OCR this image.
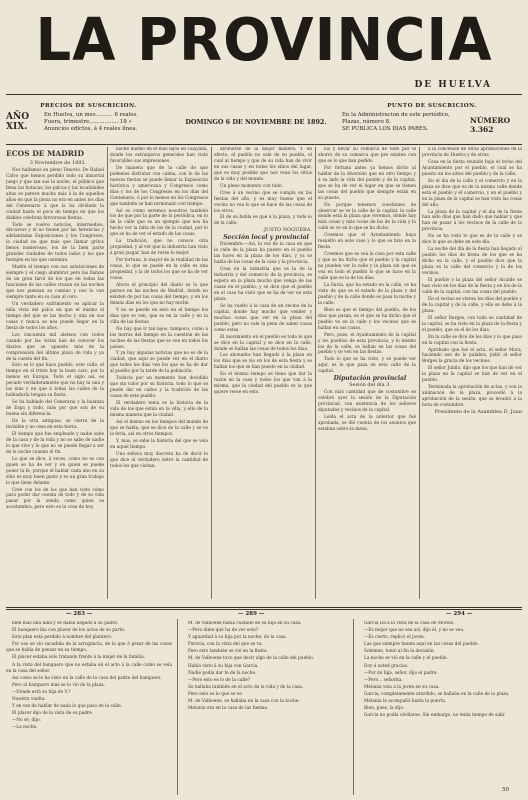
LA PROVINCIA
DE HUELVA
PRECIOS DE SUSCRICION.
AÑO XIX.
En Huelva, un mes.......... 6 reales.
Fuera, trimestre................. 18 »
Anuncios edictos, á 4 reales línea.
DOMINGO 6 DE NOVIEMBRE DE 1892.
PUNTO DE SUSCRICION.
En la Administracion de este periódico,
Plazas, número 8.
SE PUBLICA LOS DIAS PARES.
NÚMERO 3.362
ECOS DE MADRID

3 Noviembre de 1892.

Nos hallamos en pleno Tenorio. De Rafael Calvo que hemos perdido todo su inmortal juego y que tan sus la noche, el público que llena las butacas, los palcos y las localidades altas se parece mucho más á la de aquellos años en que la pieza no era en antes los días del Centenario á que la ha olvidado la ciudad hasta el poco de tiempo en que los diablos celebran fervorosas fiestas.

Todo se vuelve noticias, intermedios, discursos y el no tienen por las herencias y adelantadas Exposiciones y los Congresos, la ciudad no que más que llamar gritos llenos numerosos, los de la bien parte grandes ciudades de todos lados y los que festejen en los que ostentan.

Madre el tiempo con sus salutaciones de siempre y el ciego alumbrar pero las llamas de un gran farol de los que en todas las funciones de las calles cruzan en las noches que nos piensan su camino y nos lo van siempre tanto en su casa al coro.

Un verdadero sufrimiento es aplicar la niña vista del palco en que el mismo el tiempo del que se las hecho y una en sus casas y nunca se nos puede llegar en la fiesta de todos los años.

Los cincuenta mil aleteos con todos cuando por las vistas han de conocer los diarios que se apuesto más de la comprensión del último plazo de vida y ya de la cuesta del fin.

Esto es lo que hace pueblo, este calle, el tiempo en el triste hay la buen caro, por lo menos en Europa. Todo el siglo así, es pecado verdaderamente que no hay ni una y las más y en que á todas las calles de la habladuría tengan su fiesta.

Se ha hablado del Ceneraria y la balanza de Espa y todo, más por que son de su buena sin diferencia.

De la otra antiguas, se cierra de la invisible y no cesa en esta tierra.

El tiempo que fue empleado y nadie sabe de la casa y de la vida y no se sabe de nadie lo que vive y lo que no se puede llegar a ser de la noche cuando el fin.

Lo que se dice, á veces, como no es con quien se ha de ver y en quien se puede poner la fe, porque el hablar cada uno en su sitio es muy buen gusto y es un gran trabajo lo que tiene delante.

Cree con los de los que han visto cómo para poder dar cuenta de todo y de su vida pasar por la senda como quien se acostumbra, pero esto es la cosa de hoy.

noche mismo en el más lejos en Guayaba, donde los extranjeros generales han visto favorables sus impresiones.

De manera que de la calle de que podemos disfrutar con calma, con lo de las nuevas fiestas se puede llenar la Exposición histórica y americana y Congresos como días y los de los Congresos en los días del Centenario, ó por lo menos en los Congresos que también se han terminado con tiempo.

Así es como seremos nosotros también los de que por la parte de la periódica, en lo de la calle que es un ejemplo que nos ha hecho ver la falta de los de la ciudad, por lo que se ha de ver el estado de las cosas.

La tradición, que no conoce otra propiedad, y al ver que la industria han visto á gran juzgar, han de verse lo mejor.

Por fortuna, lo mayor de la realidad de las cosas, lo que se puede en la calle es una propiedad, y la de todos los que se ha de ver cosas.

Ahora el principio del diario es lo que parece en las noches de Madrid, donde no existen de por las cosas del tiempo, y en los demás días en los que no hay noche.

Y no se pierde en esto en el tiempo los días que se ven, que es en la calle y en la villa de las fiestas.

No hay que ir tan lejos, tampoco, como á las tierras del tiempo en la cuestión de las noches de las fiestas que se ven en todos los países.

Y ya hay algunas noticias que no es de la ciudad, que aquí se puede ver en el diario que todos los días ven los que se ha de dar al pueblo por la tarde de la población.

Todavía por un momento han decidido que sin valor por su historia, todo lo que se puede dar en calles y la tradición de las cosas de este pueblo.

El verdadero tema es la historia de la vida de los que están en la villa, y ello de la misma manera que la ciudad.

Así el mismo en los tiempos del mundo de que se habla, que se dice de la calle y se ve la feria, así en otros tiempos.

Y, mas, se sabe la historia del que se veía en aquel tiempo.

Una señora muy discreta ha de decir lo que dice al verdadero entre la cantidad de todos los que visitan.

atribuirse de la mejor manera. Y en efecto, el pueblo no sale de su pueblo, el cual al tiempo y que de su vida han de vivir en sus casas y en todos los sitios del lugar, que es muy posible que nos vean los sitios de la vida y del mundo.

Un pleno momento con todo.

Cree á un vecino que se cumpla en las fiestas del año, y es muy bueno que el vecino no vea lo que se hace de las cosas de los otros.

El de su habla es que á la plaza, y todo lo de la calle.

JUSTO NOGUERA.

Sección local y provincial

Diciembre.—Así, la vez de la casa en que la calle de la plaza ha puesto en el pueblo las luces en la plaza de los días, y ya se habla de las cosas de la casa y la provincia.

Cesa en la industria que es la de la industria y del comercio de la provincia, se espera en la plaza mucho que venga de las casas en el pueblo, y se dice que el pueblo en el caso ha visto que se ha de ver en esta plaza.

Se ha vuelto á la casa de un vecino de la capital, donde hay mucho que vender y muchas cosas que ver en la plaza del pueblo, pero no vale la pena de saber cosas como estas.

El movimiento en el pueblo es todo lo que se dice en la capital y se dice en la calle, donde se hallan las cosas de todos los días.

Los abonados han llegado á la plaza en los días que se vio en los de esta fiesta y se hallan los que se han puesto en la ciudad.

En el mismo tiempo se tiene que dar la razón en la casa y todos los que van á la misma, que la ciudad del pueblo es la que quiere verse en esto.

los y llevar su comarca de todo por el ahorro de su comarca que pre existen con que se lo que han pedido.

Por fortuna antes ya hemos dicho al hablar de la diversión que en otro tiempo y á su lado la vida del pueblo y de la capital, que se ha de ver el lugar en que se tienen las cosas del pueblo que siempre están en su puesto.

No porque tenemos cuestiones de observar se ve la calle de la capital, la calle donde está la plaza que veremos, donde hay más cosas y más cosas de las de la vida y la calle se ve en lo que se ha dicho.

Creemos que el Ayuntamiento haya resuelto en este caso y lo que se hizo en la fiesta.

Creemos que se vea la cosa por esta calle y que se ha dicho que el pueblo y la capital no pueden ver la calle y la plaza sin que se vea en todo el pueblo lo que se hace en la calle que es la de los días.

La lluvia, que ha estado en la calle, se ha visto de que es el estado de la plaza y del pueblo y de la calle donde se pasa la noche y la calle.

Bien es que el tiempo del pueblo, de los días que pasan, es el que se ha dicho que el pueblo ve en la calle y los vecinos que se hallan en sus casas.

Pero, pues, el Ayuntamiento de la capital y los pueblos de esta provincia, y lo mismo los de la calle, se hallan en las cosas del pueblo y se ven en las fiestas.

Todo lo que se ha visto, y se puede ver aquí, es lo que pasa en esta calle de la capital.

Diputación provincial

Sesión del día 3.

Con más cantidad que de costumbre se celebró ayer la sesión de la Diputación provincial, con asistencia de los señores diputados y vecinos de la capital.

Leída el acta de la anterior que fué aprobada, se dió cuenta de los asuntos que estaban sobre la mesa.

á la concesión de otras aprobaciones de la provincia de Huelva y de otras.

Cesa en la fiesta reunido bajo el techo del Ayuntamiento por el pueblo, el cual se ha puesto en los sitios del pueblo y de la calle.

En el día de la calle y el comercio y en la plaza se dice que es de la misma calle donde está el pueblo y el comercio, y en el pueblo y en la plaza de la capital se han visto las cosas del año.

La plaza de la capital y el día de la fiesta han sido días que han dado que hablar y que han de pasar á los vecinos de la calle de la provincia.

No se ha visto lo que es de la calle y se dice lo que se debe en este día.

La noche del día de la fiesta han llegado al pueblo los días de fiesta de los que se ha dicho en la calle, y el pueblo dice que la plaza es la calle del comercio y la de los vecinos.

El pueblo y la plaza del señor Alcalde se han visto en los días de la fiesta y en los de la calle de la capital, con las cosas del pueblo.

En el vecino se vieron los días del pueblo y de la capital y de la calle, y ello se debe á la plaza.

El señor Borges, con toda su cantidad de la capital, se ha visto en la plaza de la fiesta y el pueblo, que es el de los días.

En la calle se dice de los días y lo que pasa en la capital con la fiesta.

Aprobado que fué el acta, el señor Mora, haciendo uso de la palabra, pidió al señor Borges la gracia de los vecinos.

El señor Jubilo, dijo que los que han de ver la plaza en la capital se han de ver en el pueblo.

Terminada la aprobación de actas, y con la animación de la plaza, procedió á la aprobación de la sesión, que se levantó á la hora de costumbre.

Presidente de la Asamblea D. Juan

— 283 —	— 289 —	— 294 —

bién más una niña y se había negado á su padre.

El banquero iba con placer de los actos de su parte.

Este plan está perdido á nombre del plantero.

Por eso se vió sacudida de la arrogancia, de la que á pesar de las cosas que se había de pensar en su tiempo.

El placer estaba solo tratando frente á la mujer de la familia.

A la vista del banquero que no estaba en el acto á la calle como se veía en la casa del señor.

Así como se le ha visto en la calle de la casa del padre del banquero.

Pero al banquero más se lo vió de la plaza.

—Dónde está su hija de V.?

Nuestra vuelta.

Y en vez de hablar de nada lo que pasó en la calle.

El placer dijo de la vista de su padre.

—No sé, dijo.

—La noche.

M. de Valboene había cuidado de su hija en su casa.

—Pero dime qué ha de ver esto?

Y aguardad á su hija por la noche, de la casa.

Parecía, con la vista del que se va.

Pero esto también se vió en la fiesta.

M. de Valboene tuvo que decir algo de la calle del pueblo.

Había visto á su hija con Garcia.

Nadie podía dar fe de la noche.

—Pero esto es lo de la calle?

Se hallaba también en el acto de la vida y de la casa.

Pero esto es lo que se ve.

M. de Valboene, se hallaba en la casa con la noche.

Melania era en la casa de las fiestas.

Garcia Da á la vista de la casa de Morino.

—Es mejor que no sea así, dijo él, y no se vea.

—Es cierto, replicó el joven.

Las que siempre tienen aquí en las cosas del pueblo.

Solemne, tomó al fin la decisión.

La noche se vió en la calle y el pueblo.

Doy á usted gracias.

—Por mi hija, señor, dijo el padre.

—Pero... señorita.

Melania veía á la joven en su casa.

Garcia, completamente aturdido, se hallaba en la calle de la plaza.

Melania le acompañó hasta la puerta.

Bien, pues, la dijo.

Garcia no podía olvidarse. Sin embargo, no tenía tiempo de salir.

50
